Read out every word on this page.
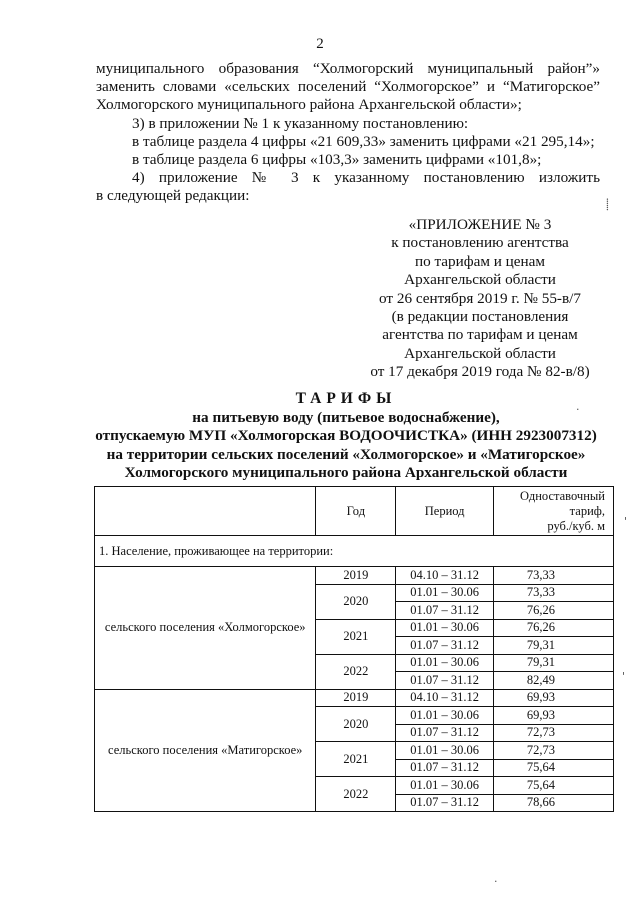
2
муниципального образования “Холмогорский муниципальный район”»
заменить словами «сельских поселений “Холмогорское” и “Матигорское”
Холмогорского муниципального района Архангельской области»;
3) в приложении № 1 к указанному постановлению:
в таблице раздела 4 цифры «21 609,33» заменить цифрами «21 295,14»;
в таблице раздела 6 цифры «103,3» заменить цифрами «101,8»;
4) приложение № 3 к указанному постановлению изложить
в следующей редакции:
«ПРИЛОЖЕНИЕ № 3
к постановлению агентства
по тарифам и ценам
Архангельской области
от 26 сентября 2019 г. № 55-в/7
(в редакции постановления
агентства по тарифам и ценам
Архангельской области
от 17 декабря 2019 года № 82-в/8)
ТАРИФЫ
на питьевую воду (питьевое водоснабжение),
отпускаемую МУП «Холмогорская ВОДООЧИСТКА» (ИНН 2923007312)
на территории сельских поселений «Холмогорское» и «Матигорское»
Холмогорского муниципального района Архангельской области
	Год	Период	Одноставочный
тариф,
руб./куб. м

1. Население, проживающее на территории:			
сельского поселения «Холмогорское»	2019	04.10 – 31.12	73,33
	2020	01.01 – 30.06	73,33
		01.07 – 31.12	76,26
	2021	01.01 – 30.06	76,26
		01.07 – 31.12	79,31
	2022	01.01 – 30.06	79,31
		01.07 – 31.12	82,49
сельского поселения «Матигорское»	2019	04.10 – 31.12	69,93
	2020	01.01 – 30.06	69,93
		01.07 – 31.12	72,73
	2021	01.01 – 30.06	72,73
		01.07 – 31.12	75,64
	2022	01.01 – 30.06	75,64
		01.07 – 31.12	78,66
⸽
·
'
'
·
